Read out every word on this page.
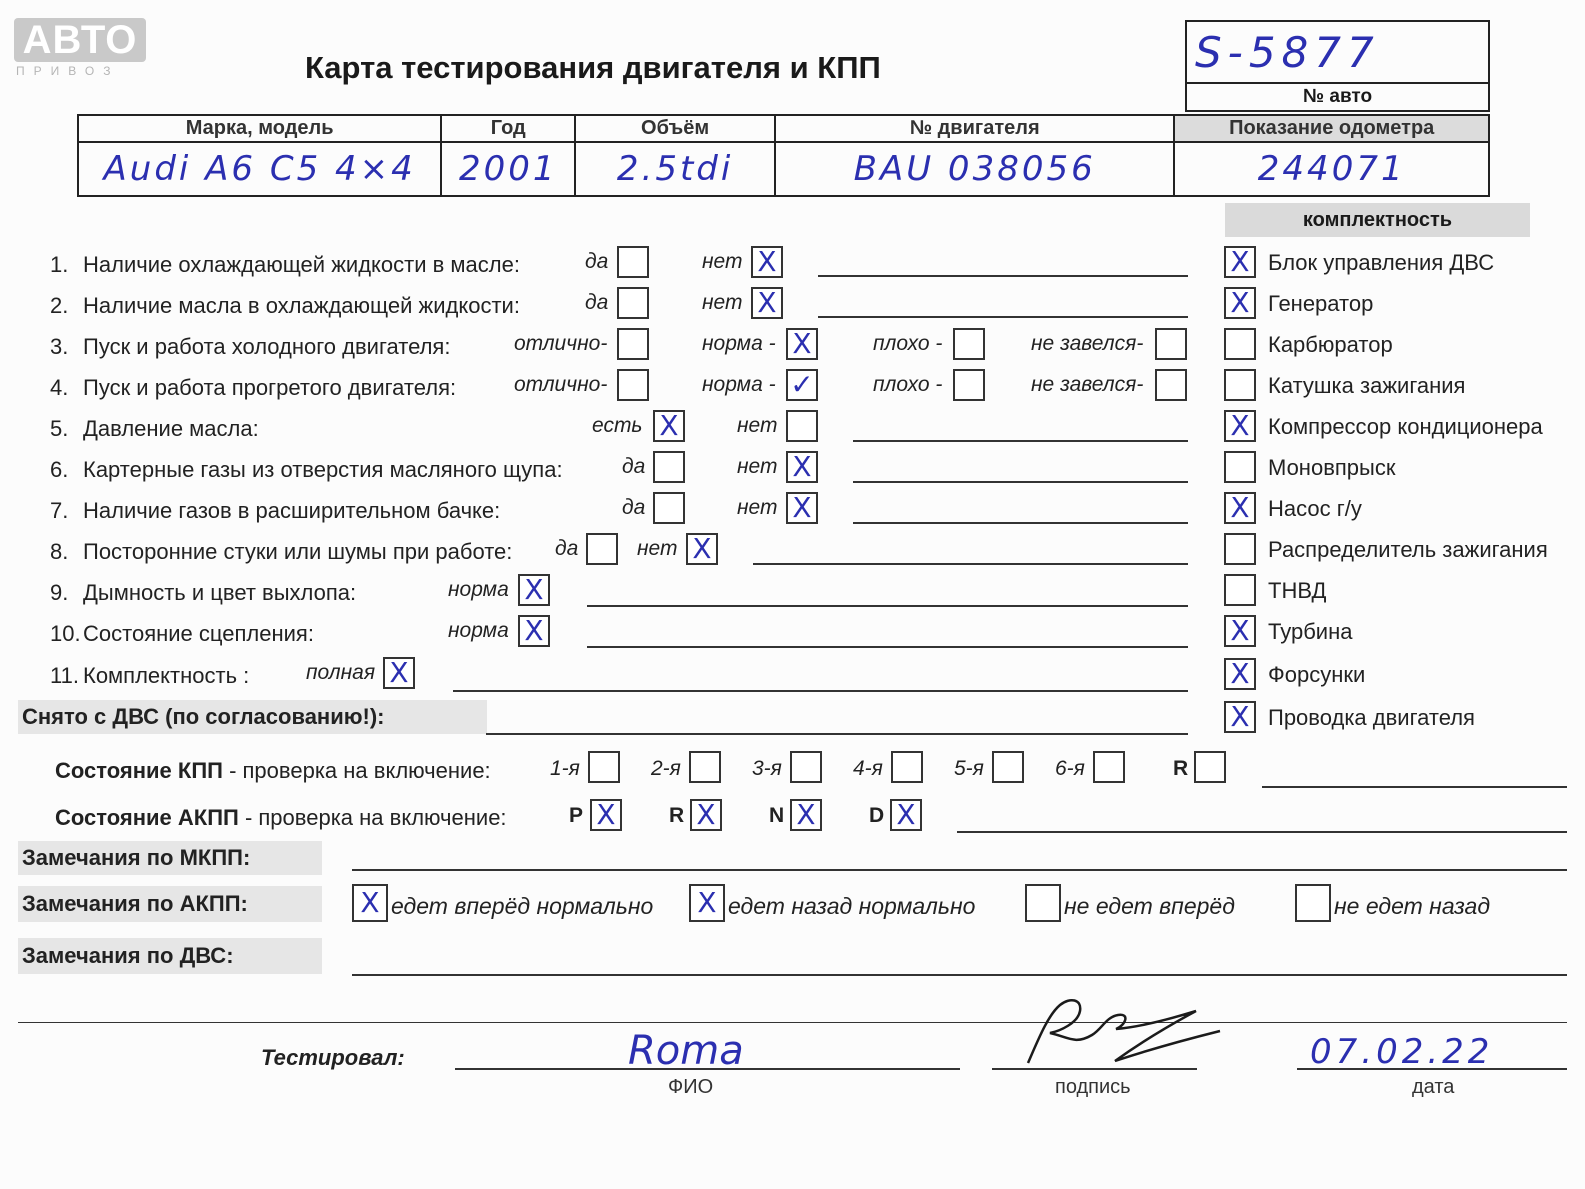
АВТО
ПРИВОЗ	Карта тестирования двигателя и КПП	S-5877
№ авто
Марка, модель	Год	Объём	№ двигателя	Показание одометра
Audi A6 C5 4×4	2001	2.5tdi	BAU 038056	244071
комплектность
1. Наличие охлаждающей жидкости в масле:	да	нет X
2. Наличие масла в охлаждающей жидкости:	да	нет X
3. Пуск и работа холодного двигателя:	отлично-	норма - X	плохо -	не завелся-
4. Пуск и работа прогретого двигателя:	отлично-	норма - ✓	плохо -	не завелся-
5. Давление масла:	есть X	нет
6. Картерные газы из отверстия масляного щупа:	да	нет X
7. Наличие газов в расширительном бачке:	да	нет X
8. Посторонние стуки или шумы при работе: да	нет X
9. Дымность и цвет выхлопа:	норма X
10. Состояние сцепления:	норма X
11. Комплектность :	полная X
X Блок управления ДВС
X Генератор
Карбюратор
Катушка зажигания
X Компрессор кондиционера
Моновпрыск
X Насос г/у
Распределитель зажигания
ТНВД
X Турбина
X Форсунки
X Проводка двигателя
Снято с ДВС (по согласованию!):
Состояние КПП - проверка на включение:	1-я	2-я	3-я	4-я	5-я	6-я	R
Состояние АКПП - проверка на включение:	P X	R X	N X	D X
Замечания по МКПП:
Замечания по АКПП:	X едет вперёд нормально	X едет назад нормально	не едет вперёд	не едет назад
Замечания по ДВС:
Тестировал:	Roma
ФИО	подпись
07.02.22
дата
